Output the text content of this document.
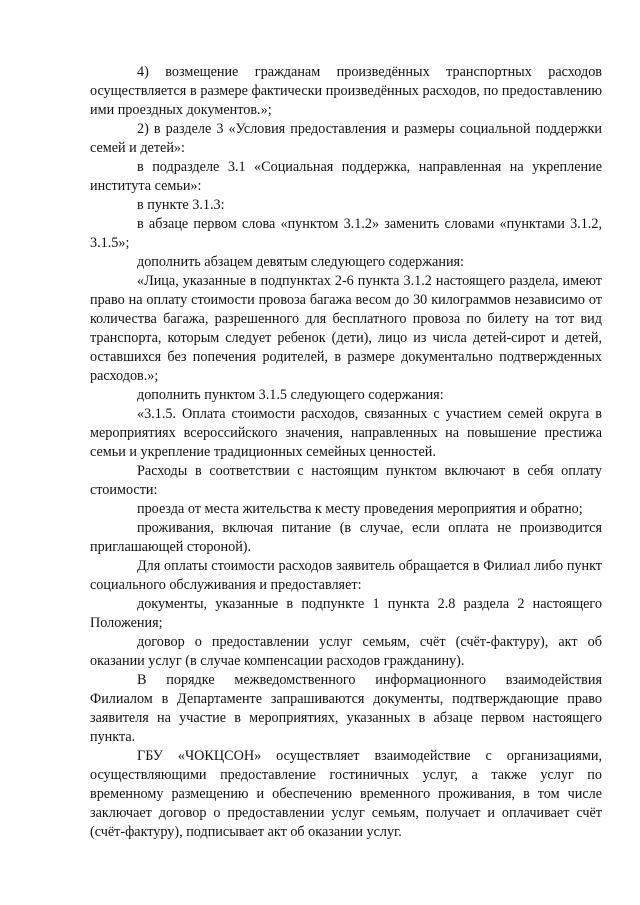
4) возмещение гражданам произведённых транспортных расходов осуществляется в размере фактически произведённых расходов, по предоставлению ими проездных документов.»;

2) в разделе 3 «Условия предоставления и размеры социальной поддержки семей и детей»:

в подразделе 3.1 «Социальная поддержка, направленная на укрепление института семьи»:

в пункте 3.1.3:

в абзаце первом слова «пунктом 3.1.2» заменить словами «пунктами 3.1.2, 3.1.5»;

дополнить абзацем девятым следующего содержания:

«Лица, указанные в подпунктах 2-6 пункта 3.1.2 настоящего раздела, имеют право на оплату стоимости провоза багажа весом до 30 килограммов независимо от количества багажа, разрешенного для бесплатного провоза по билету на тот вид транспорта, которым следует ребенок (дети), лицо из числа детей-сирот и детей, оставшихся без попечения родителей, в размере документально подтвержденных расходов.»;

дополнить пунктом 3.1.5 следующего содержания:

«3.1.5. Оплата стоимости расходов, связанных с участием семей округа в мероприятиях всероссийского значения, направленных на повышение престижа семьи и укрепление традиционных семейных ценностей.

Расходы в соответствии с настоящим пунктом включают в себя оплату стоимости:

проезда от места жительства к месту проведения мероприятия и обратно;

проживания, включая питание (в случае, если оплата не производится приглашающей стороной).

Для оплаты стоимости расходов заявитель обращается в Филиал либо пункт социального обслуживания и предоставляет:

документы, указанные в подпункте 1 пункта 2.8 раздела 2 настоящего Положения;

договор о предоставлении услуг семьям, счёт (счёт-фактуру), акт об оказании услуг (в случае компенсации расходов гражданину).

В порядке межведомственного информационного взаимодействия Филиалом в Департаменте запрашиваются документы, подтверждающие право заявителя на участие в мероприятиях, указанных в абзаце первом настоящего пункта.

ГБУ «ЧОКЦСОН» осуществляет взаимодействие с организациями, осуществляющими предоставление гостиничных услуг, а также услуг по временному размещению и обеспечению временного проживания, в том числе заключает договор о предоставлении услуг семьям, получает и оплачивает счёт (счёт-фактуру), подписывает акт об оказании услуг.
